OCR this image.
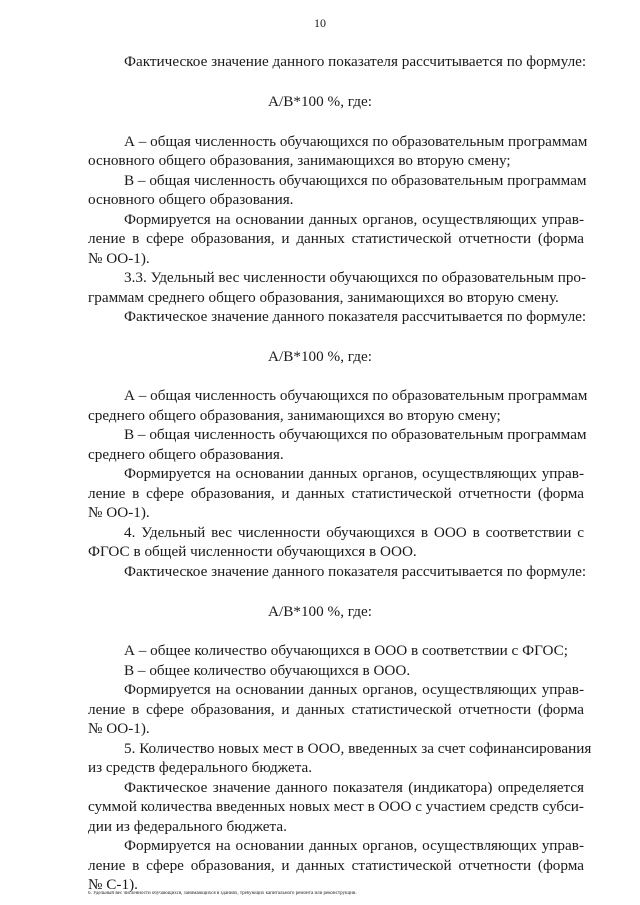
10
Фактическое значение данного показателя рассчитывается по формуле:
А/В*100 %, где:
А – общая численность обучающихся по образовательным программам
основного общего образования, занимающихся во вторую смену;
В – общая численность обучающихся по образовательным программам
основного общего образования.
Формируется на основании данных органов, осуществляющих управ-
ление в сфере образования, и данных статистической отчетности (форма
№ ОО-1).
3.3. Удельный вес численности обучающихся по образовательным про-
граммам среднего общего образования, занимающихся во вторую смену.
Фактическое значение данного показателя рассчитывается по формуле:
А/В*100 %, где:
А – общая численность обучающихся по образовательным программам
среднего общего образования, занимающихся во вторую смену;
В – общая численность обучающихся по образовательным программам
среднего общего образования.
Формируется на основании данных органов, осуществляющих управ-
ление в сфере образования, и данных статистической отчетности (форма
№ ОО-1).
4. Удельный вес численности обучающихся в ООО в соответствии с
ФГОС в общей численности обучающихся в ООО.
Фактическое значение данного показателя рассчитывается по формуле:
А/В*100 %, где:
А – общее количество обучающихся в ООО в соответствии с ФГОС;
В – общее количество обучающихся в ООО.
Формируется на основании данных органов, осуществляющих управ-
ление в сфере образования, и данных статистической отчетности (форма
№ ОО-1).
5. Количество новых мест в ООО, введенных за счет софинансирования
из средств федерального бюджета.
Фактическое значение данного показателя (индикатора) определяется
суммой количества введенных новых мест в ООО с участием средств субси-
дии из федерального бюджета.
Формируется на основании данных органов, осуществляющих управ-
ление в сфере образования, и данных статистической отчетности (форма
№ С-1).
6. Удельный вес численности обучающихся, занимающихся в зданиях, требующих капитального ремонта или реконструкции.
